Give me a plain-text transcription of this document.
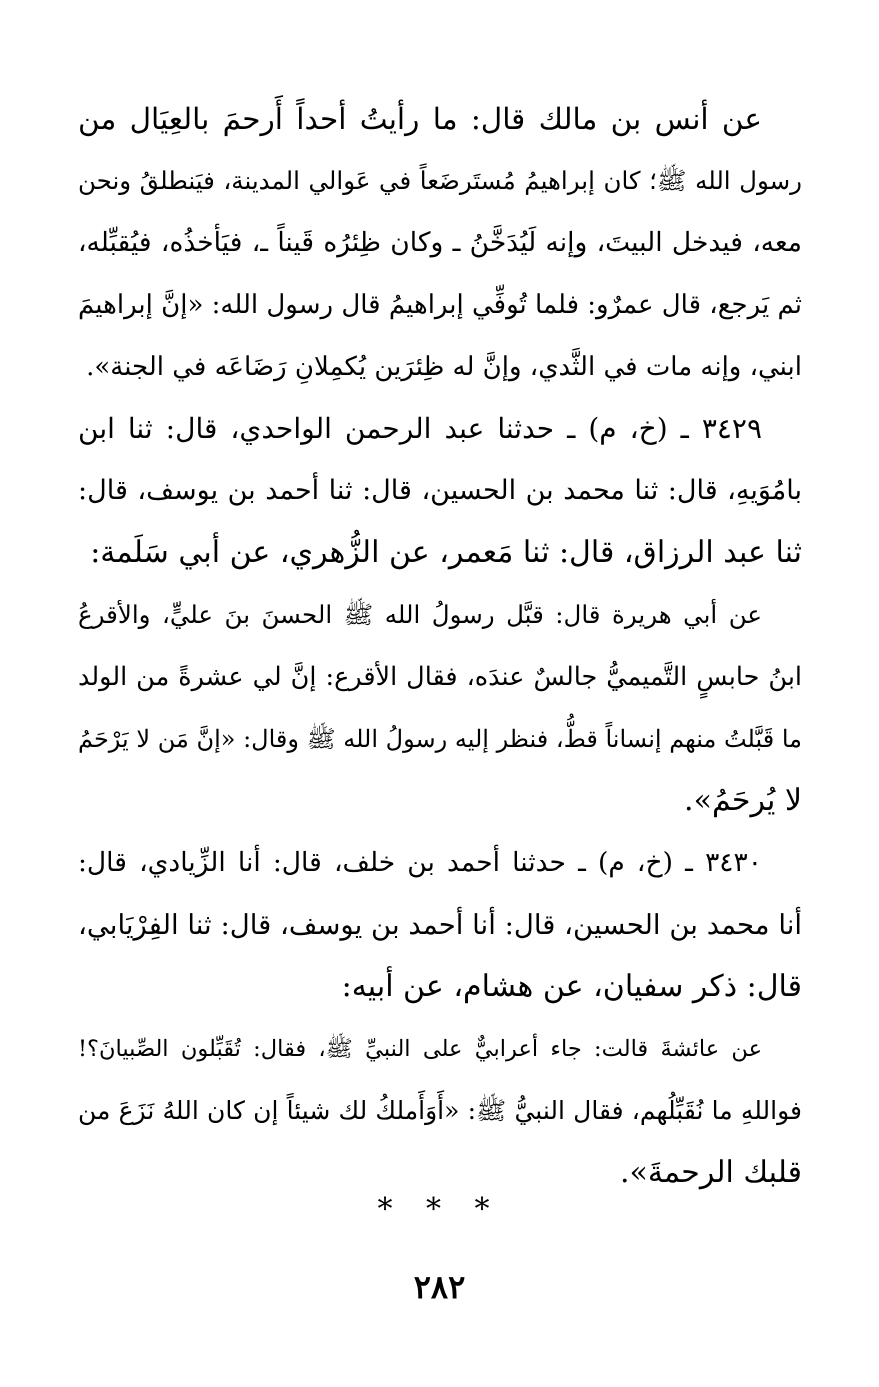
عن أنس بن مالك قال: ما رأيتُ أحداً أَرحمَ بالعِيَال من
رسول الله ﷺ؛ كان إبراهيمُ مُستَرضَعاً في عَوالي المدينة، فيَنطلقُ ونحن
معه، فيدخل البيتَ، وإنه لَيُدَخَّنُ ـ وكان ظِئرُه قَيناً ـ، فيَأخذُه، فيُقبِّله،
ثم يَرجع، قال عمرٌو: فلما تُوفِّي إبراهيمُ قال رسول الله: «إنَّ إبراهيمَ
ابني، وإنه مات في الثَّدي، وإنَّ له ظِئرَين يُكمِلانِ رَضَاعَه في الجنة».

٣٤٢٩ ـ (خ، م) ـ حدثنا عبد الرحمن الواحدي، قال: ثنا ابن
بامُوَيهِ، قال: ثنا محمد بن الحسين، قال: ثنا أحمد بن يوسف، قال:
ثنا عبد الرزاق، قال: ثنا مَعمر، عن الزُّهري، عن أبي سَلَمة:

عن أبي هريرة قال: قبَّل رسولُ الله ﷺ الحسنَ بنَ عليٍّ، والأقرعُ
ابنُ حابسٍ التَّميميُّ جالسٌ عندَه، فقال الأقرع: إنَّ لي عشرةً من الولد
ما قَبَّلتُ منهم إنساناً قطُّ، فنظر إليه رسولُ الله ﷺ وقال: «إنَّ مَن لا يَرْحَمُ
لا يُرحَمُ».

٣٤٣٠ ـ (خ، م) ـ حدثنا أحمد بن خلف، قال: أنا الزِّيادي، قال:
أنا محمد بن الحسين، قال: أنا أحمد بن يوسف، قال: ثنا الفِرْيَابي،
قال: ذكر سفيان، عن هشام، عن أبيه:

عن عائشةَ قالت: جاء أعرابيٌّ على النبيِّ ﷺ، فقال: تُقَبِّلون الصِّبيانَ؟!
فواللهِ ما نُقَبِّلُهم، فقال النبيُّ ﷺ: «أَوَأَملكُ لك شيئاً إن كان اللهُ نَزَعَ من
قلبك الرحمةَ».

* * *
٢٨٢
